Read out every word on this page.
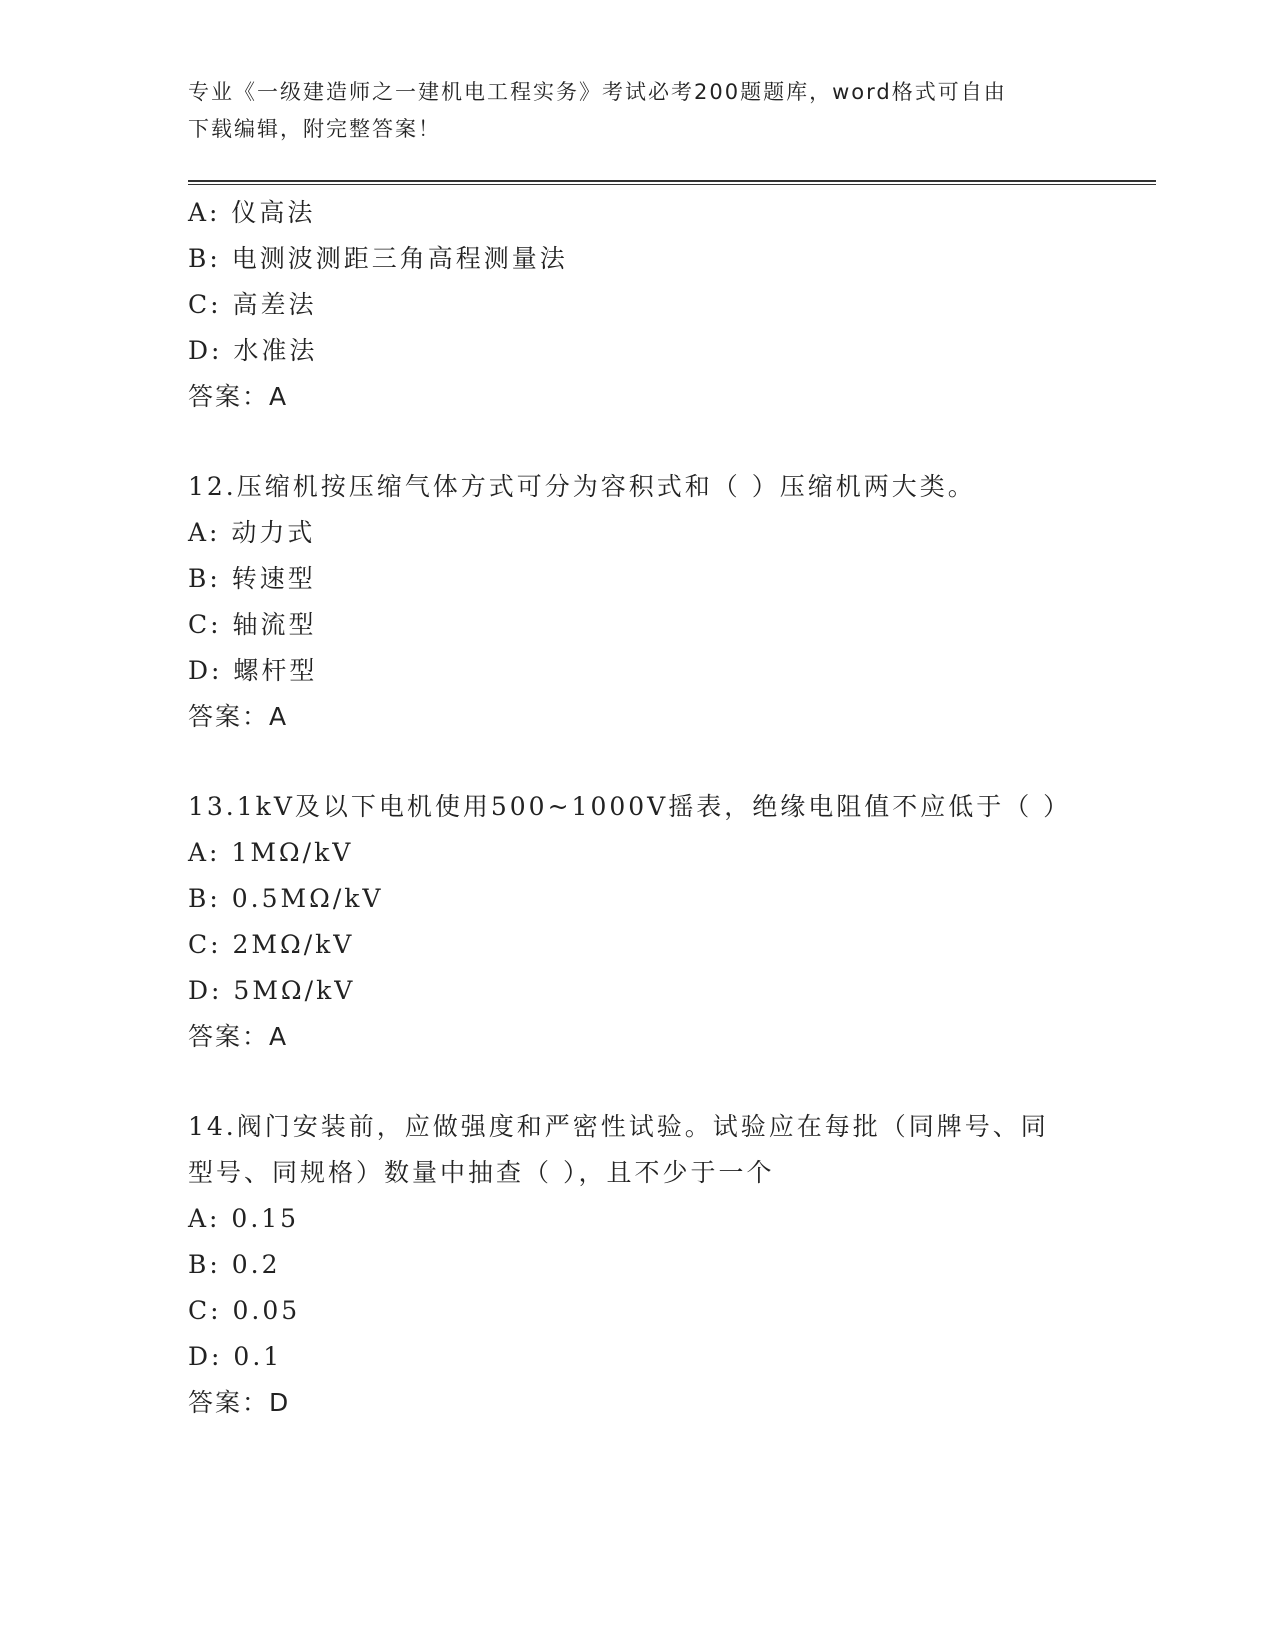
专业《一级建造师之一建机电工程实务》考试必考200题题库，word格式可自由
下载编辑，附完整答案！
A: 仪高法
B: 电测波测距三角高程测量法
C: 高差法
D: 水准法
答案：A
12.压缩机按压缩气体方式可分为容积式和（ ）压缩机两大类。
A: 动力式
B: 转速型
C: 轴流型
D: 螺杆型
答案：A
13.1kV及以下电机使用500~1000V摇表，绝缘电阻值不应低于（ ）
A: 1MΩ/kV
B: 0.5MΩ/kV
C: 2MΩ/kV
D: 5MΩ/kV
答案：A
14.阀门安装前，应做强度和严密性试验。试验应在每批（同牌号、同
型号、同规格）数量中抽查（ ），且不少于一个
A: 0.15
B: 0.2
C: 0.05
D: 0.1
答案：D
